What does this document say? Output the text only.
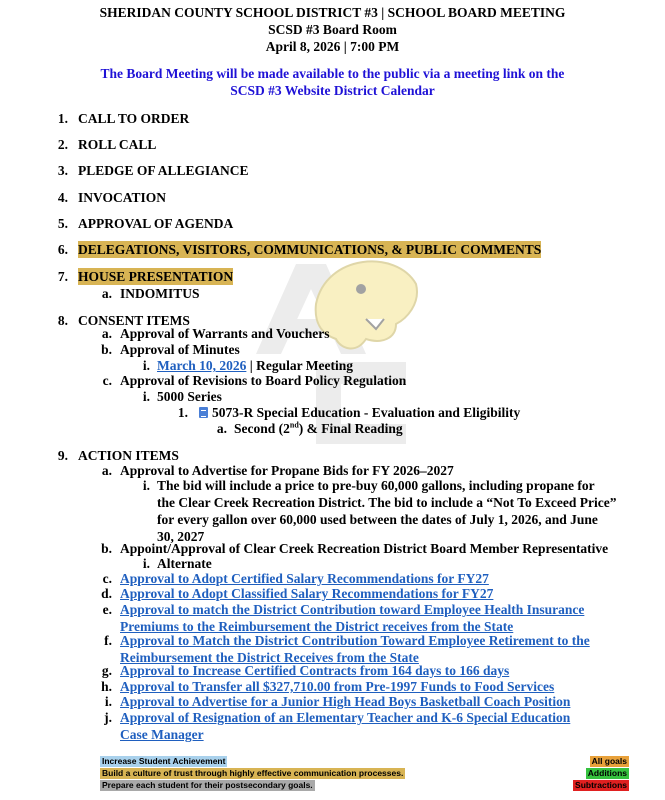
SHERIDAN COUNTY SCHOOL DISTRICT #3 | SCHOOL BOARD MEETING
SCSD #3 Board Room
April 8, 2026 | 7:00 PM
The Board Meeting will be made available to the public via a meeting link on the
SCSD #3 Website District Calendar
1. CALL TO ORDER
2. ROLL CALL
3. PLEDGE OF ALLEGIANCE
4. INVOCATION
5. APPROVAL OF AGENDA
6. DELEGATIONS, VISITORS, COMMUNICATIONS, & PUBLIC COMMENTS
7. HOUSE PRESENTATION
a. INDOMITUS
8. CONSENT ITEMS
a. Approval of Warrants and Vouchers
b. Approval of Minutes
i. March 10, 2026 | Regular Meeting
c. Approval of Revisions to Board Policy Regulation
i. 5000 Series
1.	5073-R Special Education - Evaluation and Eligibility
a. Second (2nd) & Final Reading
9. ACTION ITEMS
a. Approval to Advertise for Propane Bids for FY 2026–2027
i. The bid will include a price to pre-buy 60,000 gallons, including propane for
the Clear Creek Recreation District. The bid to include a “Not To Exceed Price”
for every gallon over 60,000 used between the dates of July 1, 2026, and June
30, 2027
b. Appoint/Approval of Clear Creek Recreation District Board Member Representative
i. Alternate
c. Approval to Adopt Certified Salary Recommendations for FY27
d. Approval to Adopt Classified Salary Recommendations for FY27
e. Approval to match the District Contribution toward Employee Health Insurance
Premiums to the Reimbursement the District receives from the State
f. Approval to Match the District Contribution Toward Employee Retirement to the
Reimbursement the District Receives from the State
g. Approval to Increase Certified Contracts from 164 days to 166 days
h. Approval to Transfer all $327,710.00 from Pre-1997 Funds to Food Services
i. Approval to Advertise for a Junior High Head Boys Basketball Coach Position
j. Approval of Resignation of an Elementary Teacher and K-6 Special Education
Case Manager
Increase Student Achievement
Build a culture of trust through highly effective communication processes.
Prepare each student for their postsecondary goals.
All goals
Additions
Subtractions
